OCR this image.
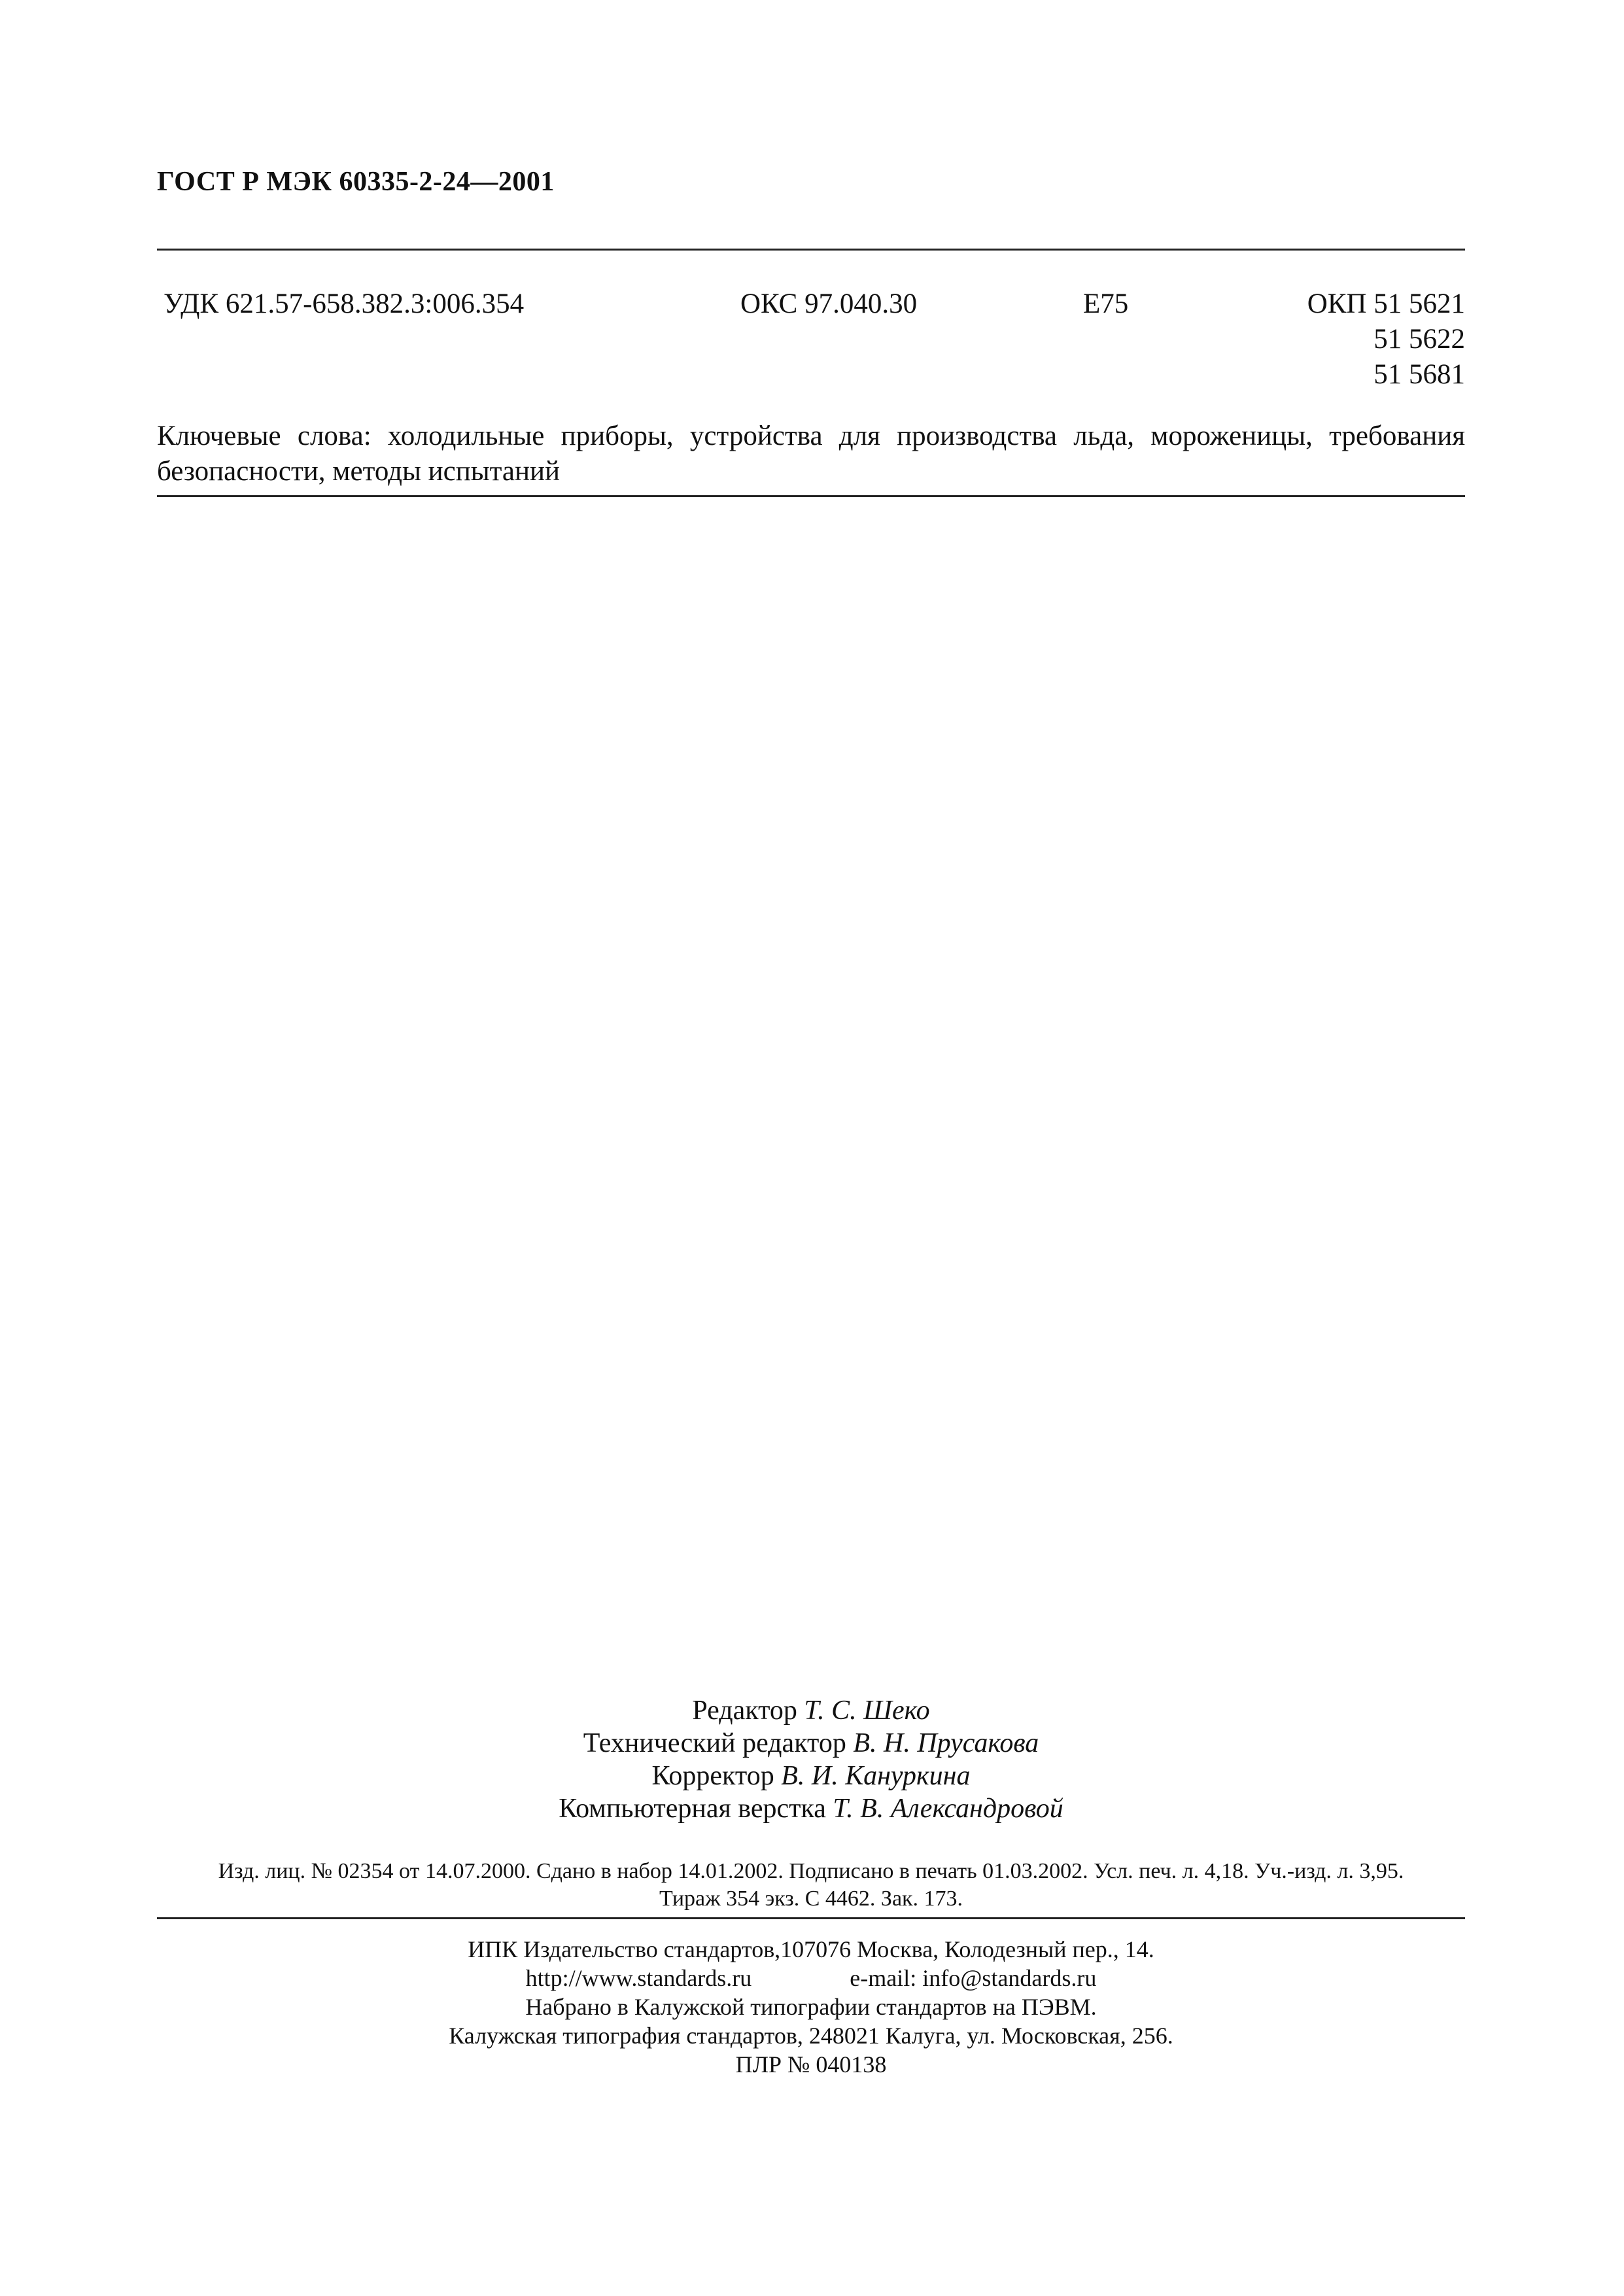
ГОСТ Р МЭК 60335-2-24—2001
УДК 621.57-658.382.3:006.354	ОКС 97.040.30	Е75	ОКП 51 5621
51 5622
51 5681
Ключевые слова: холодильные приборы, устройства для производства льда, мороженицы, требования безопасности, методы испытаний
Редактор Т. С. Шеко
Технический редактор В. Н. Прусакова
Корректор В. И. Кануркина
Компьютерная верстка Т. В. Александровой
Изд. лиц. № 02354 от 14.07.2000. Сдано в набор 14.01.2002. Подписано в печать 01.03.2002. Усл. печ. л. 4,18. Уч.-изд. л. 3,95.
Тираж 354 экз. С 4462. Зак. 173.
ИПК Издательство стандартов,107076 Москва, Колодезный пер., 14.
http://www.standards.ru	e-mail: info@standards.ru
Набрано в Калужской типографии стандартов на ПЭВМ.
Калужская типография стандартов, 248021 Калуга, ул. Московская, 256.
ПЛР № 040138
